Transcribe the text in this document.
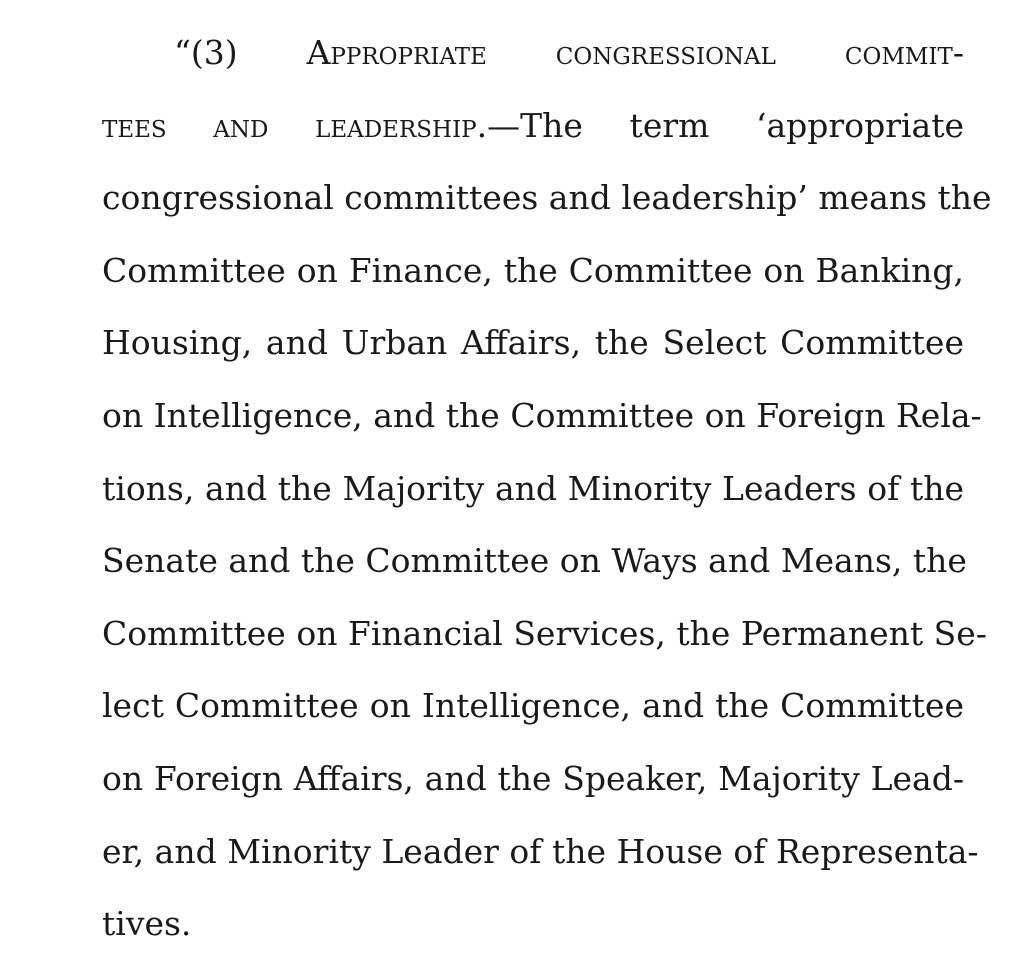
“(3) Appropriate congressional commit-
tees and leadership.—The term ‘appropriate
congressional committees and leadership’ means the
Committee on Finance, the Committee on Banking,
Housing, and Urban Affairs, the Select Committee
on Intelligence, and the Committee on Foreign Rela-
tions, and the Majority and Minority Leaders of the
Senate and the Committee on Ways and Means, the
Committee on Financial Services, the Permanent Se-
lect Committee on Intelligence, and the Committee
on Foreign Affairs, and the Speaker, Majority Lead-
er, and Minority Leader of the House of Representa-
tives.
